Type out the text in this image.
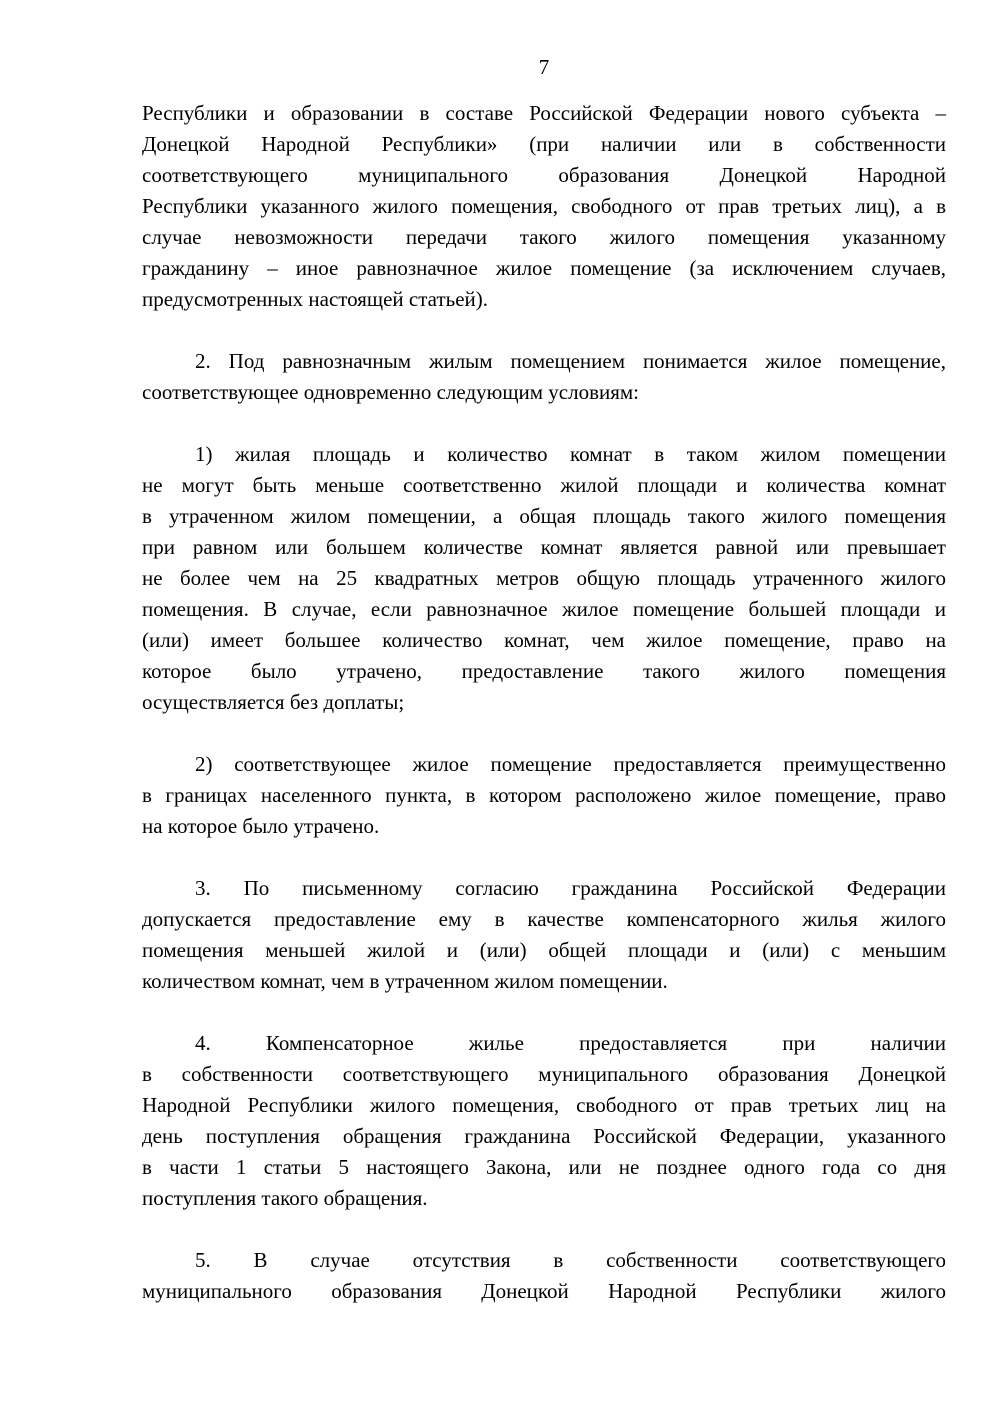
7

Республики и образовании в составе Российской Федерации нового субъекта –
Донецкой Народной Республики» (при наличии или в собственности
соответствующего муниципального образования Донецкой Народной
Республики указанного жилого помещения, свободного от прав третьих лиц), а в
случае невозможности передачи такого жилого помещения указанному
гражданину – иное равнозначное жилое помещение (за исключением случаев,
предусмотренных настоящей статьей).

2. Под равнозначным жилым помещением понимается жилое помещение,
соответствующее одновременно следующим условиям:

1) жилая площадь и количество комнат в таком жилом помещении
не могут быть меньше соответственно жилой площади и количества комнат
в утраченном жилом помещении, а общая площадь такого жилого помещения
при равном или большем количестве комнат является равной или превышает
не более чем на 25 квадратных метров общую площадь утраченного жилого
помещения. В случае, если равнозначное жилое помещение большей площади и
(или) имеет большее количество комнат, чем жилое помещение, право на
которое было утрачено, предоставление такого жилого помещения
осуществляется без доплаты;

2) соответствующее жилое помещение предоставляется преимущественно
в границах населенного пункта, в котором расположено жилое помещение, право
на которое было утрачено.

3. По письменному согласию гражданина Российской Федерации
допускается предоставление ему в качестве компенсаторного жилья жилого
помещения меньшей жилой и (или) общей площади и (или) с меньшим
количеством комнат, чем в утраченном жилом помещении.

4. Компенсаторное жилье предоставляется при наличии
в собственности соответствующего муниципального образования Донецкой
Народной Республики жилого помещения, свободного от прав третьих лиц на
день поступления обращения гражданина Российской Федерации, указанного
в части 1 статьи 5 настоящего Закона, или не позднее одного года со дня
поступления такого обращения.

5. В случае отсутствия в собственности соответствующего
муниципального образования Донецкой Народной Республики жилого
